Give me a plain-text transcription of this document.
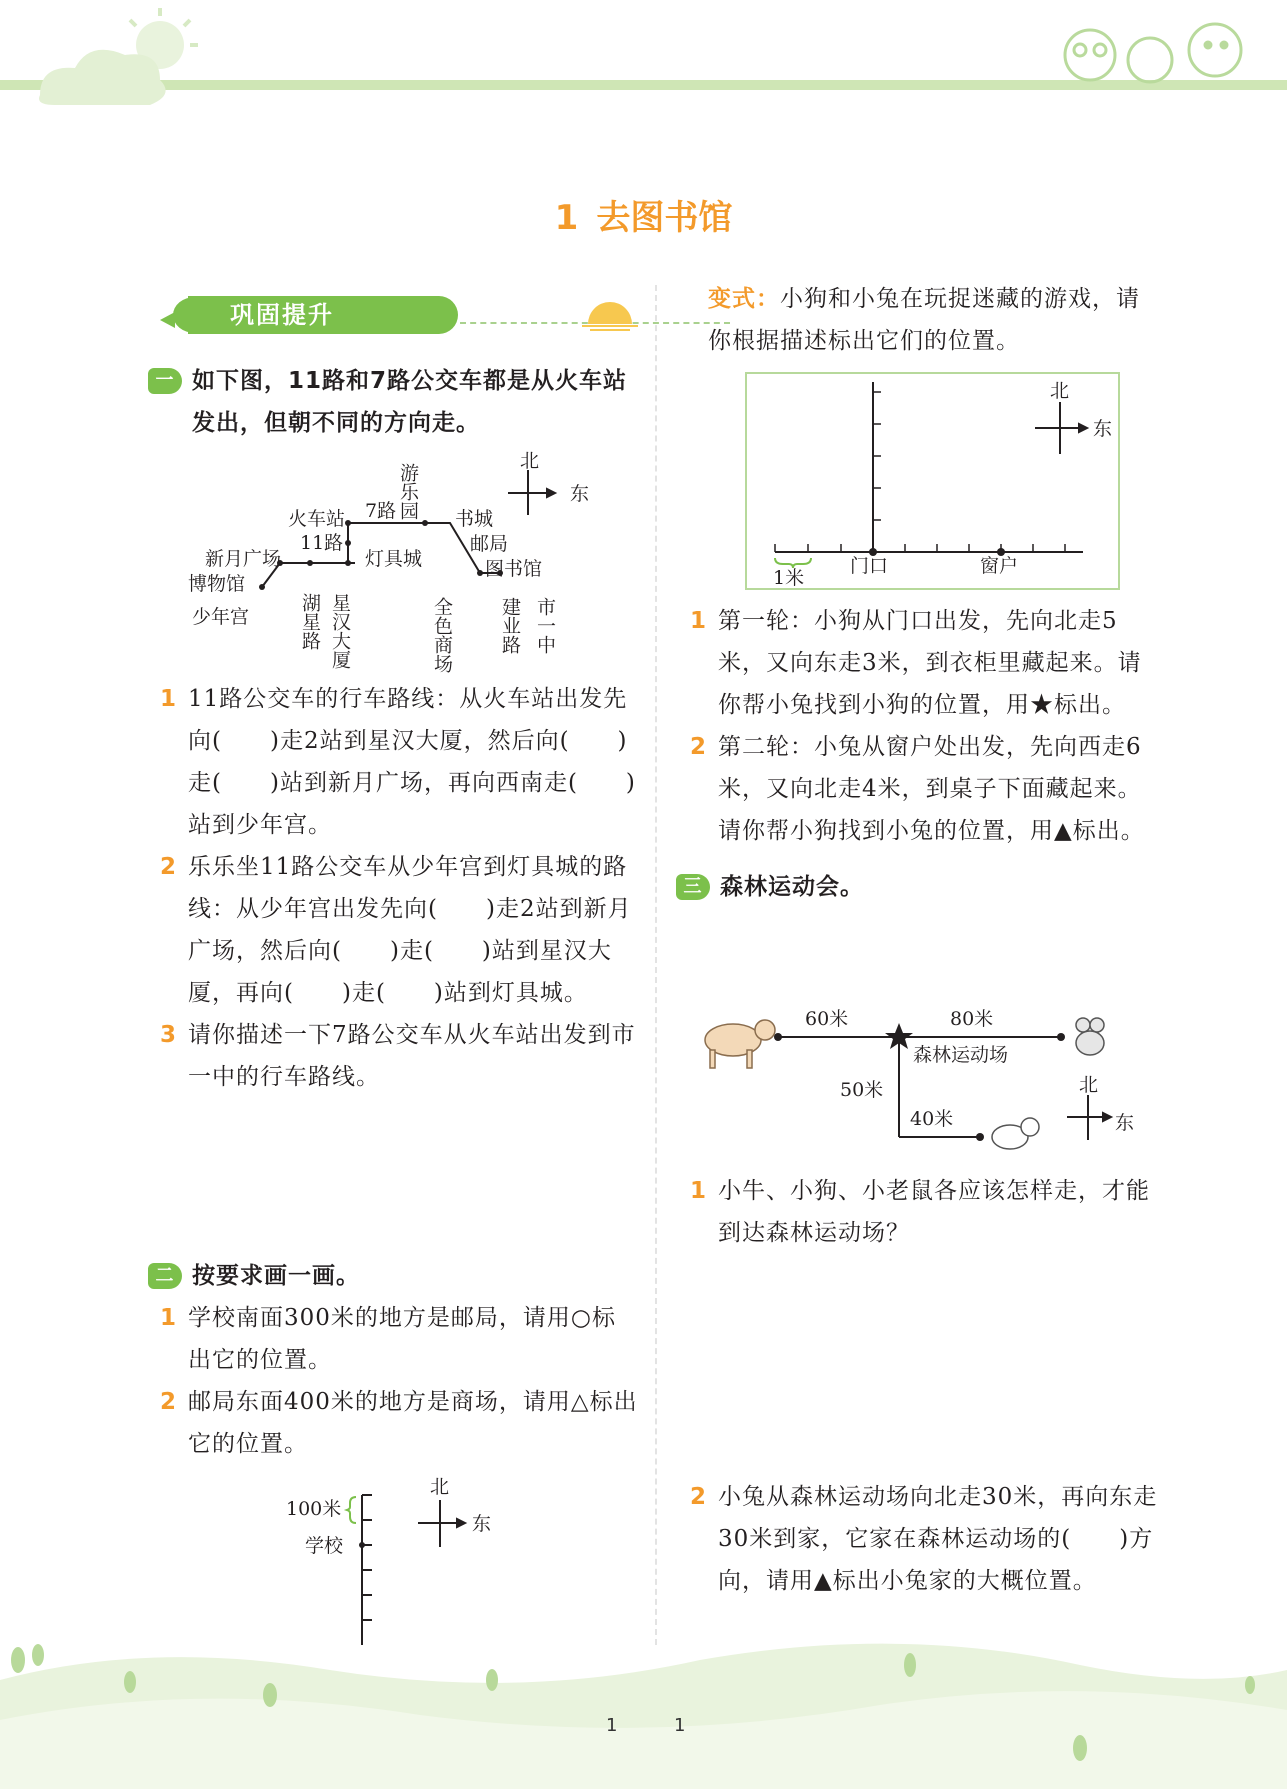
1 去图书馆
巩固提升
一 如下图，11路和7路公交车都是从火车站发出，但朝不同的方向走。
游乐园
北
东
火车站 7路
11路
书城
邮局
图书馆
灯具城
新月广场
博物馆
少年宫	湖星路 星汉大厦	全色商场 建业路 市一中
1 11路公交车的行车路线：从火车站出发先向(　　)走2站到星汉大厦，然后向(　　)走(　　)站到新月广场，再向西南走(　　)站到少年宫。
2 乐乐坐11路公交车从少年宫到灯具城的路线：从少年宫出发先向(　　)走2站到新月广场，然后向(　　)走(　　)站到星汉大厦，再向(　　)走(　　)站到灯具城。
3 请你描述一下7路公交车从火车站出发到市一中的行车路线。
二 按要求画一画。
1 学校南面300米的地方是邮局，请用○标出它的位置。
2 邮局东面400米的地方是商场，请用△标出它的位置。
100米
学校
北
东
变式：小狗和小兔在玩捉迷藏的游戏，请你根据描述标出它们的位置。
北
东
1米
门口	窗户
1 第一轮：小狗从门口出发，先向北走5米，又向东走3米，到衣柜里藏起来。请你帮小兔找到小狗的位置，用★标出。
2 第二轮：小兔从窗户处出发，先向西走6米，又向北走4米，到桌子下面藏起来。请你帮小狗找到小兔的位置，用▲标出。
三 森林运动会。
60米	80米
森林运动场
50米
40米
北
东
1 小牛、小狗、小老鼠各应该怎样走，才能到达森林运动场？
2 小兔从森林运动场向北走30米，再向东走30米到家，它家在森林运动场的(　　)方向，请用▲标出小兔家的大概位置。
1	1
